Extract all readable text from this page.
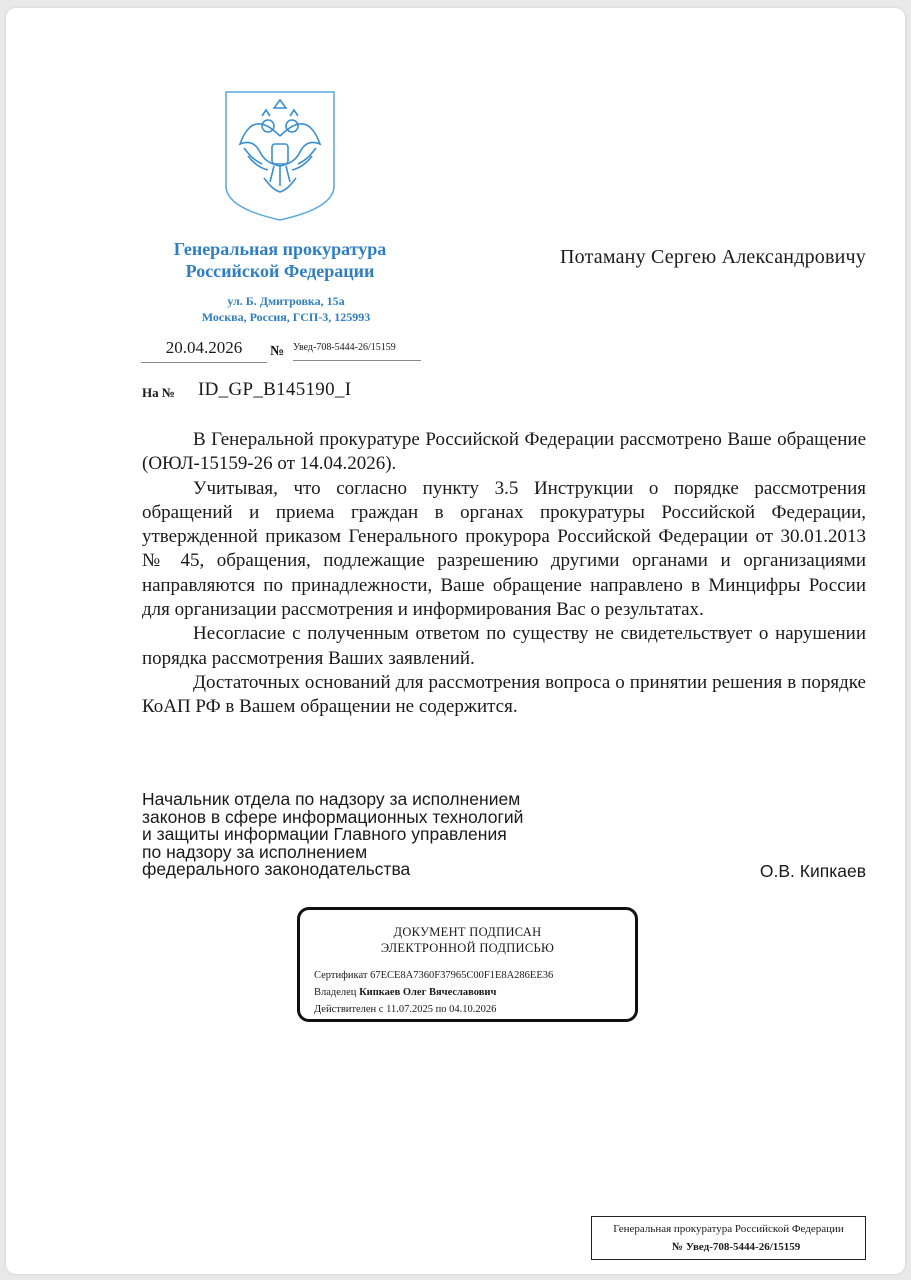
Генеральная прокуратура
Российской Федерации
ул. Б. Дмитровка, 15а
Москва, Россия, ГСП-3, 125993
Потаману Сергею Александровичу
20.04.2026	№ Увед-708-5444-26/15159
На № ID_GP_B145190_I

В Генеральной прокуратуре Российской Федерации рассмотрено Ваше обращение (ОЮЛ-15159-26 от 14.04.2026).

Учитывая, что согласно пункту 3.5 Инструкции о порядке рассмотрения обращений и приема граждан в органах прокуратуры Российской Федерации, утвержденной приказом Генерального прокурора Российской Федерации от 30.01.2013 № 45, обращения, подлежащие разрешению другими органами и организациями направляются по принадлежности, Ваше обращение направлено в Минцифры России для организации рассмотрения и информирования Вас о результатах.

Несогласие с полученным ответом по существу не свидетельствует о нарушении порядка рассмотрения Ваших заявлений.

Достаточных оснований для рассмотрения вопроса о принятии решения в порядке КоАП РФ в Вашем обращении не содержится.

Начальник отдела по надзору за исполнением
законов в сфере информационных технологий
и защиты информации Главного управления
по надзору за исполнением
федерального законодательства	О.В. Кипкаев
ДОКУМЕНТ ПОДПИСАН
ЭЛЕКТРОННОЙ ПОДПИСЬЮ
Сертификат 67ECE8A7360F37965C00F1E8A286EE36
Владелец Кипкаев Олег Вячеславович
Действителен с 11.07.2025 по 04.10.2026
Генеральная прокуратура Российской Федерации
№ Увед-708-5444-26/15159
